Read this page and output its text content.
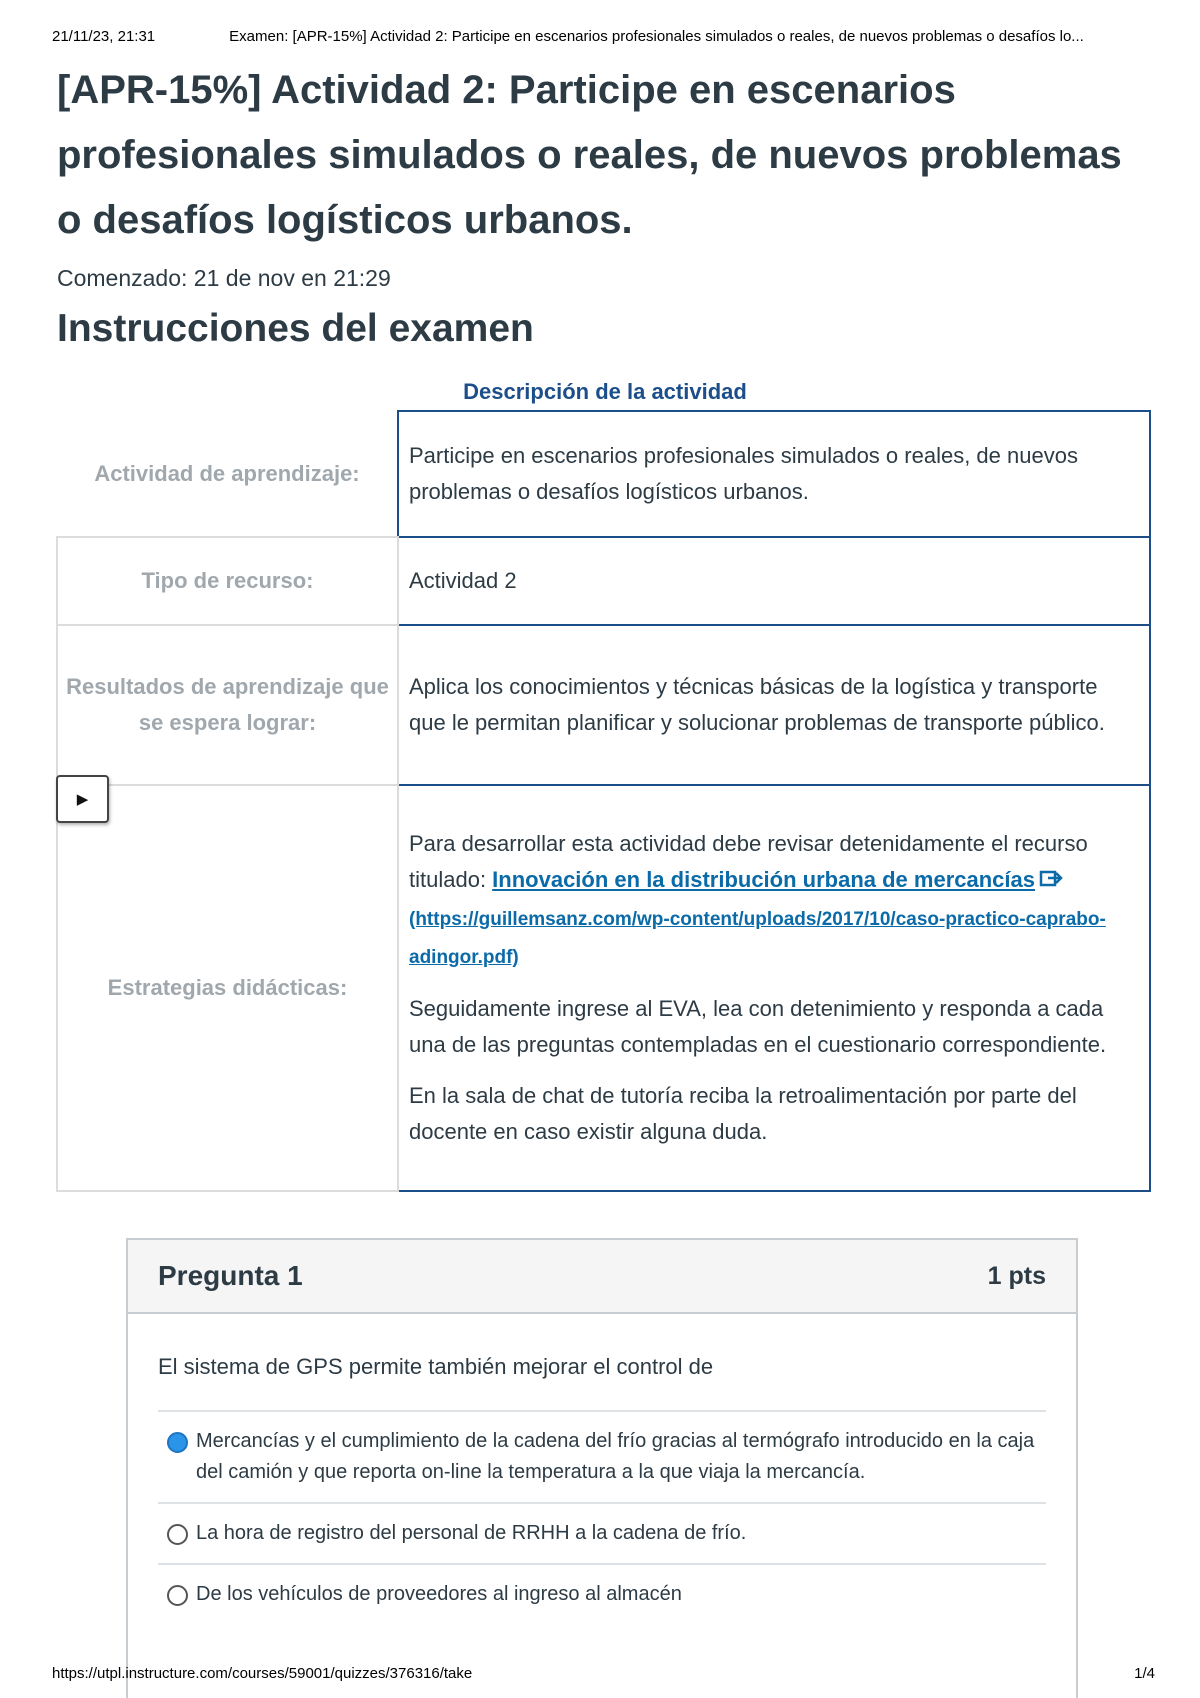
21/11/23, 21:31	Examen: [APR-15%] Actividad 2: Participe en escenarios profesionales simulados o reales, de nuevos problemas o desafíos lo...
[APR-15%] Actividad 2: Participe en escenarios profesionales simulados o reales, de nuevos problemas o desafíos logísticos urbanos.
Comenzado: 21 de nov en 21:29
Instrucciones del examen
Descripción de la actividad
Actividad de aprendizaje:	Participe en escenarios profesionales simulados o reales, de nuevos problemas o desafíos logísticos urbanos.
Tipo de recurso:	Actividad 2
Resultados de aprendizaje que se espera lograr:	Aplica los conocimientos y técnicas básicas de la logística y transporte que le permitan planificar y solucionar problemas de transporte público.
Estrategias didácticas:	Para desarrollar esta actividad debe revisar detenidamente el recurso titulado: Innovación en la distribución urbana de mercancías(https://guillemsanz.com/wp-content/uploads/2017/10/caso-practico-caprabo-adingor.pdf)

Seguidamente ingrese al EVA, lea con detenimiento y responda a cada una de las preguntas contempladas en el cuestionario correspondiente.

En la sala de chat de tutoría reciba la retroalimentación por parte del docente en caso existir alguna duda.

▶
Pregunta 1	1 pts
El sistema de GPS permite también mejorar el control de
Mercancías y el cumplimiento de la cadena del frío gracias al termógrafo introducido en la caja del camión y que reporta on-line la temperatura a la que viaja la mercancía.
La hora de registro del personal de RRHH a la cadena de frío.
De los vehículos de proveedores al ingreso al almacén
https://utpl.instructure.com/courses/59001/quizzes/376316/take	1/4
